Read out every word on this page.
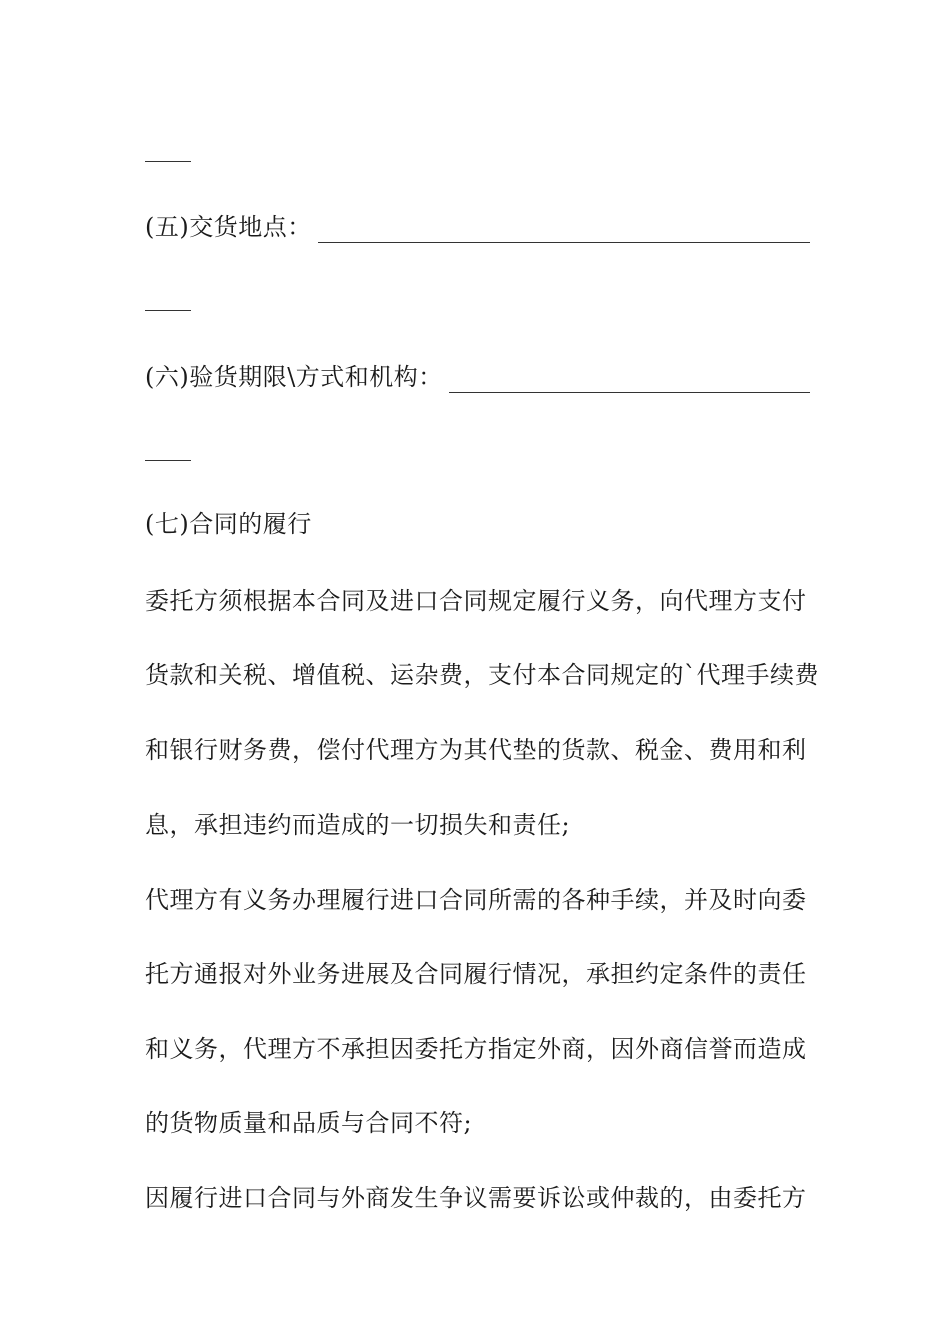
(五)交货地点：
(六)验货期限\方式和机构：
(七)合同的履行
委托方须根据本合同及进口合同规定履行义务，向代理方支付
货款和关税、增值税、运杂费，支付本合同规定的`代理手续费
和银行财务费，偿付代理方为其代垫的货款、税金、费用和利
息，承担违约而造成的一切损失和责任;
代理方有义务办理履行进口合同所需的各种手续，并及时向委
托方通报对外业务进展及合同履行情况，承担约定条件的责任
和义务，代理方不承担因委托方指定外商，因外商信誉而造成
的货物质量和品质与合同不符;
因履行进口合同与外商发生争议需要诉讼或仲裁的，由委托方
